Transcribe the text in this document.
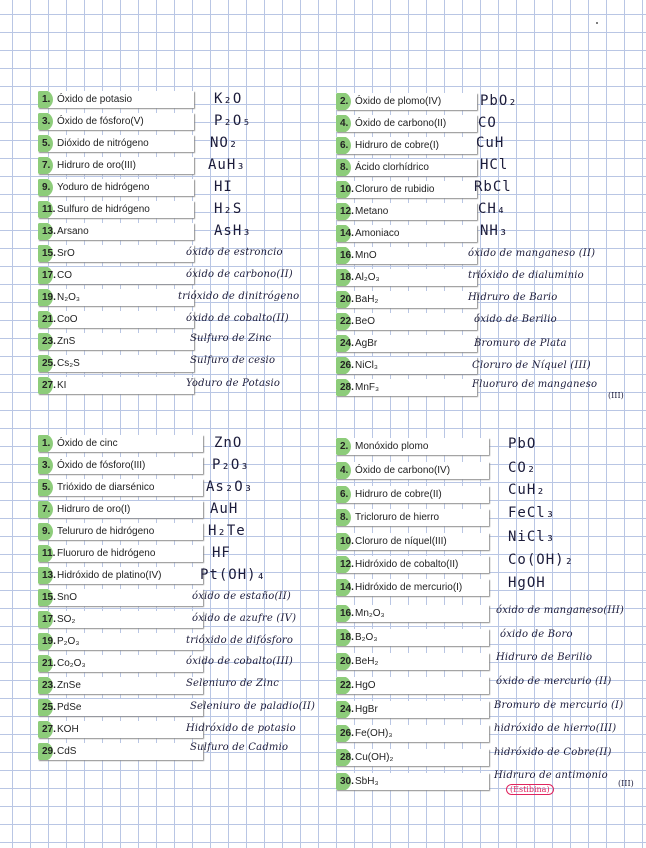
1. Óxido de potasio	K₂O
3. Óxido de fósforo(V)	P₂O₅
5. Dióxido de nitrógeno	NO₂
7. Hidruro de oro(III)	AuH₃
9. Yoduro de hidrógeno	HI
11. Sulfuro de hidrógeno	H₂S
13. Arsano	AsH₃
15. SrO	óxido de estroncio
17. CO	óxido de carbono(II)
19. N₂O₃	trióxido de dinitrógeno
21. CoO	óxido de cobalto(II)
23. ZnS	Sulfuro de Zinc
25. Cs₂S	Sulfuro de cesio
27. KI	Yoduro de Potasio
2. Óxido de plomo(IV)	PbO₂
4. Óxido de carbono(II) CO
6. Hidruro de cobre(I)	CuH
8. Ácido clorhídrico	HCl
10. Cloruro de rubidio	RbCl
12. Metano	CH₄
14. Amoniaco	NH₃
16. MnO	óxido de manganeso (II)
18. Al₂O₃	trióxido de dialuminio
20. BaH₂	Hidruro de Bario
22. BeO	óxido de Berilio
24. AgBr	Bromuro de Plata
26. NiCl₃	Cloruro de Níquel (III)
28. MnF₃	Fluoruro de manganeso
(III)
1. Óxido de cinc	ZnO
3. Óxido de fósforo(III)	P₂O₃
5. Trióxido de diarsénico	As₂O₃
7. Hidruro de oro(I)	AuH
9. Telururo de hidrógeno	H₂Te
11. Fluoruro de hidrógeno	HF
13. Hidróxido de platino(IV)	Pt(OH)₄
15. SnO	óxido de estaño(II)
17. SO₂	óxido de azufre (IV)
19. P₂O₃	trióxido de difósforo
21. Co₂O₃	óxido de cobalto(III)
23. ZnSe	Seleniuro de Zinc
25. PdSe	Seleniuro de paladio(II)
27. KOH	Hidróxido de potasio
29. CdS	Sulfuro de Cadmio
2. Monóxido plomo	PbO
4. Óxido de carbono(IV)	CO₂
6. Hidruro de cobre(II)	CuH₂
8. Tricloruro de hierro	FeCl₃
10. Cloruro de níquel(III)	NiCl₃
12. Hidróxido de cobalto(II)	Co(OH)₂
14. Hidróxido de mercurio(I)	HgOH
16. Mn₂O₃	óxido de manganeso(III)
18. B₂O₃	óxido de Boro
20. BeH₂	Hidruro de Berilio
22. HgO	óxido de mercurio (II)
24. HgBr	Bromuro de mercurio (I)
26. Fe(OH)₃	hidróxido de hierro(III)
28. Cu(OH)₂	hidróxido de Cobre(II)
30. SbH₃	Hidruro de antimonio
(III)
(Estibina)
